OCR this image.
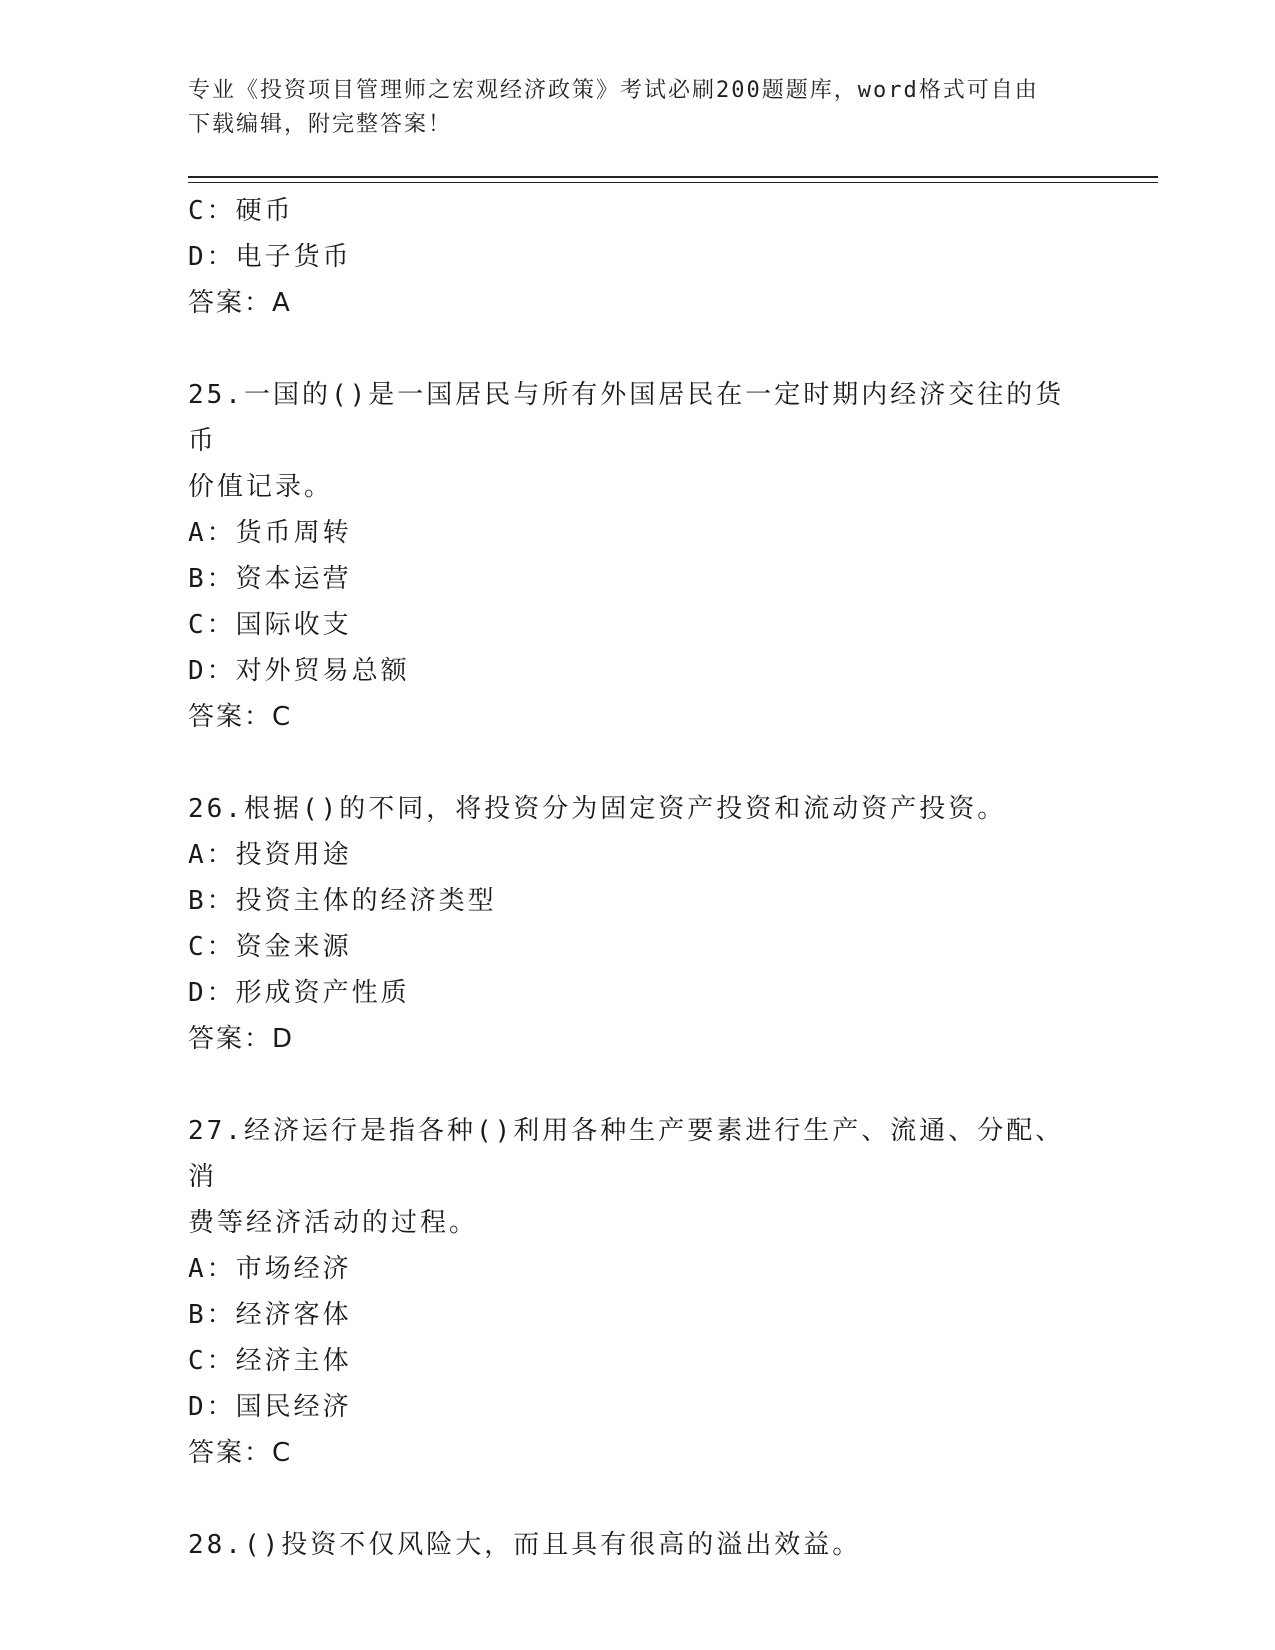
专业《投资项目管理师之宏观经济政策》考试必刷200题题库，word格式可自由
下载编辑，附完整答案！
C：硬币
D：电子货币
答案：A
25.一国的()是一国居民与所有外国居民在一定时期内经济交往的货币
价值记录。
A：货币周转
B：资本运营
C：国际收支
D：对外贸易总额
答案：C
26.根据()的不同，将投资分为固定资产投资和流动资产投资。
A：投资用途
B：投资主体的经济类型
C：资金来源
D：形成资产性质
答案：D
27.经济运行是指各种()利用各种生产要素进行生产、流通、分配、消
费等经济活动的过程。
A：市场经济
B：经济客体
C：经济主体
D：国民经济
答案：C
28.()投资不仅风险大，而且具有很高的溢出效益。
